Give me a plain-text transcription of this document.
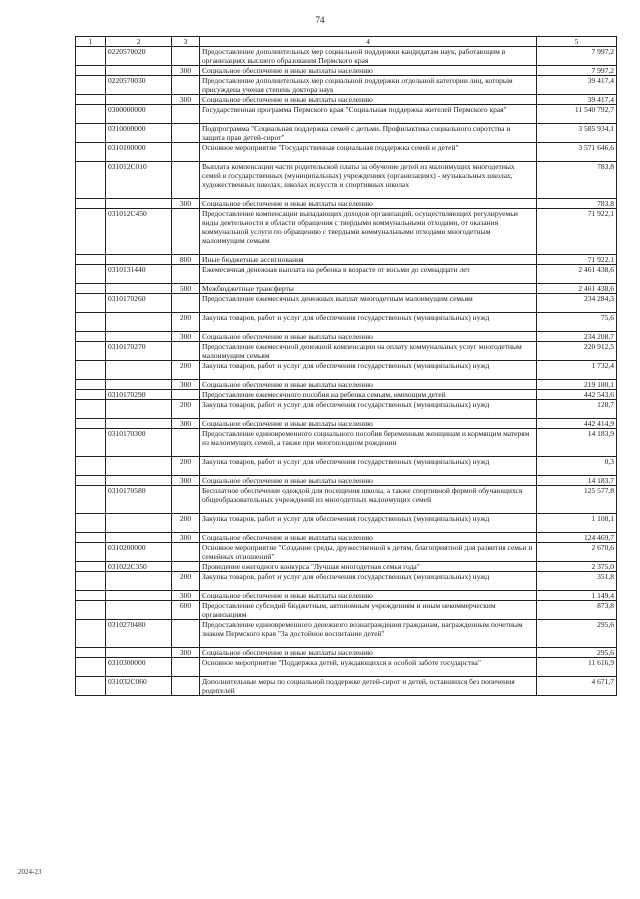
74
1	2	3	4	5
	0220570020		Предоставление дополнительных мер социальной поддержки кандидатам наук, работающим в организациях высшего образования Пермского края	7 997,2
		300	Социальное обеспечение и иные выплаты населению	7 997,2
	0220570030		Предоставление дополнительных мер социальной поддержки отдельной категории лиц, которым присуждена ученая степень доктора наук	39 417,4
		300	Социальное обеспечение и иные выплаты населению	39 417,4
	0300000000		Государственная программа Пермского края "Социальная поддержка жителей Пермского края"	11 540 792,7
	0310000000		Подпрограмма "Социальная поддержка семей с детьми. Профилактика социального сиротства и защита прав детей-сирот"	3 585 934,1
	0310100000		Основное мероприятие "Государственная социальная поддержка семей и детей"	3 571 646,6
	031012С010		Выплата компенсации части родительской платы за обучение детей из малоимущих многодетных семей в государственных (муниципальных) учреждениях (организациях) - музыкальных школах, художественных школах, школах искусств и спортивных школах	783,8
		300	Социальное обеспечение и иные выплаты населению	783,8
	031012С450		Предоставление компенсации выпадающих доходов организаций, осуществляющих регулируемые виды деятельности в области обращения с твердыми коммунальными отходами, от оказания коммунальной услуги по обращению с твердыми коммунальными отходами многодетным малоимущим семьям	71 922,1
		800	Иные бюджетные ассигнования	71 922,1
	0310131440		Ежемесячная денежная выплата на ребенка в возрасте от восьми до семнадцати лет	2 461 438,6
		500	Межбюджетные трансферты	2 461 438,6
	0310170260		Предоставление ежемесячных денежных выплат многодетным малоимущим семьям	234 284,3
		200	Закупка товаров, работ и услуг для обеспечения государственных (муниципальных) нужд	75,6
		300	Социальное обеспечение и иные выплаты населению	234 208,7
	0310170270		Предоставление ежемесячной денежной компенсации на оплату коммунальных услуг многодетным малоимущим семьям	220 912,5
		200	Закупка товаров, работ и услуг для обеспечения государственных (муниципальных) нужд	1 732,4
		300	Социальное обеспечение и иные выплаты населению	219 180,1
	0310170290		Предоставление ежемесячного пособия на ребенка семьям, имеющим детей	442 543,6
		200	Закупка товаров, работ и услуг для обеспечения государственных (муниципальных) нужд	128,7
		300	Социальное обеспечение и иные выплаты населению	442 414,9
	0310170300		Предоставление единовременного социального пособия беременным женщинам и кормящим матерям из малоимущих семей, а также при многоплодном рождении	14 183,9
		200	Закупка товаров, работ и услуг для обеспечения государственных (муниципальных) нужд	0,3
		300	Социальное обеспечение и иные выплаты населению	14 183,7
	0310170580		Бесплатное обеспечение одеждой для посещения школы, а также спортивной формой обучающихся общеобразовательных учреждений из многодетных малоимущих семей	125 577,8
		200	Закупка товаров, работ и услуг для обеспечения государственных (муниципальных) нужд	1 108,1
		300	Социальное обеспечение и иные выплаты населению	124 469,7
	0310200000		Основное мероприятие "Создание среды, дружественной к детям, благоприятной для развития семьи и семейных отношений"	2 670,6
	031022С350		Проведение ежегодного конкурса "Лучшая многодетная семья года"	2 375,0
		200	Закупка товаров, работ и услуг для обеспечения государственных (муниципальных) нужд	351,8
		300	Социальное обеспечение и иные выплаты населению	1 149,4
		600	Предоставление субсидий бюджетным, автономным учреждениям и иным некоммерческим организациям	873,8
	0310270480		Предоставление единовременного денежного вознаграждения гражданам, награжденным почетным знаком Пермского края "За достойное воспитание детей"	295,6
		300	Социальное обеспечение и иные выплаты населению	295,6
	0310300000		Основное мероприятие "Поддержка детей, нуждающихся в особой заботе государства"	11 616,9
	031032С060		Дополнительные меры по социальной поддержке детей-сирот и детей, оставшихся без попечения родителей	4 671,7
2024-23
